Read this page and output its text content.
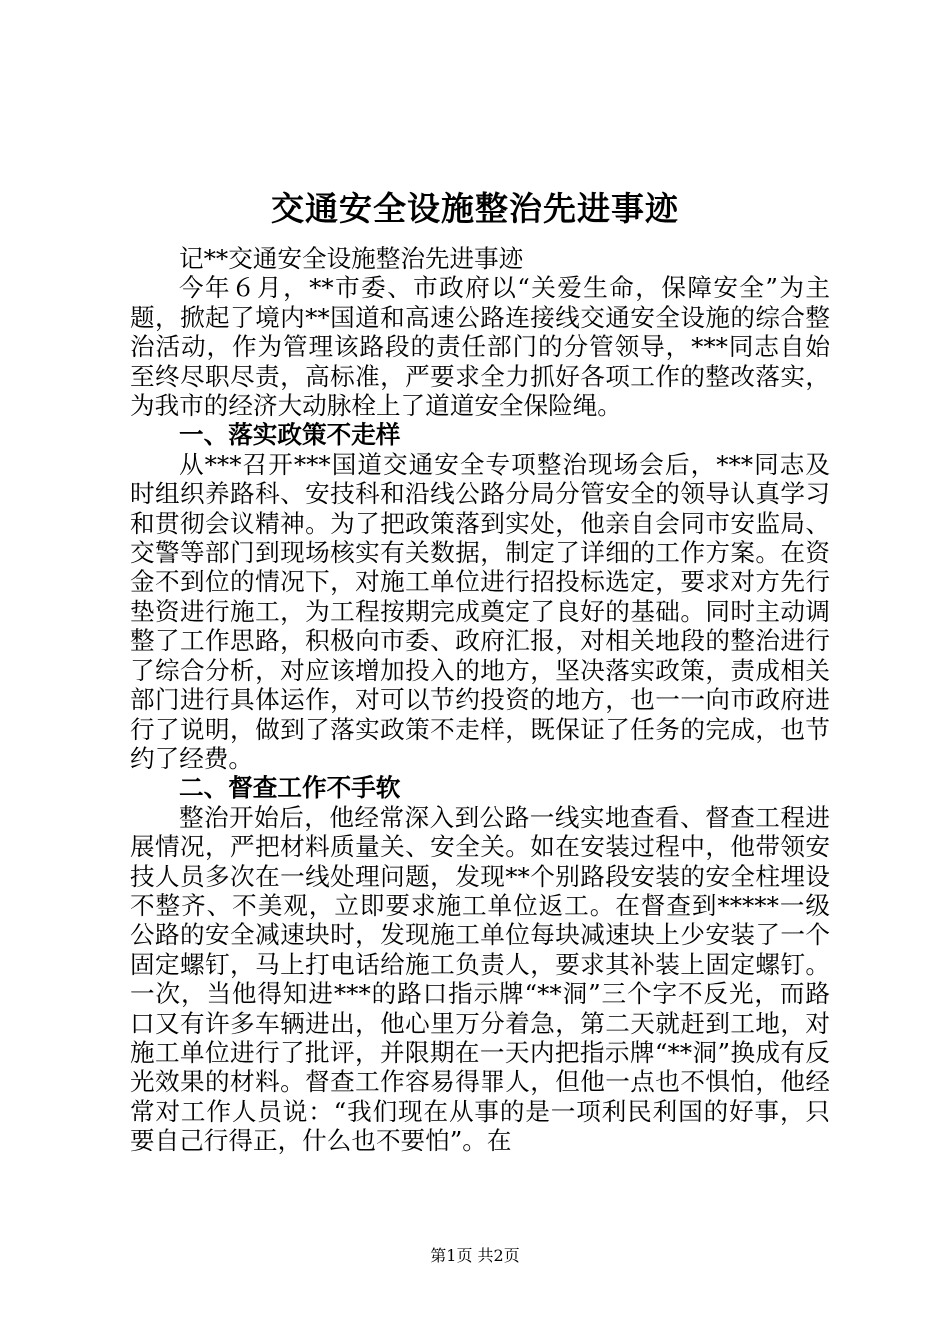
交通安全设施整治先进事迹

记**交通安全设施整治先进事迹

今年６月，**市委、市政府以“关爱生命，保障安全”为主题，掀起了境内**国道和高速公路连接线交通安全设施的综合整治活动，作为管理该路段的责任部门的分管领导，***同志自始至终尽职尽责，高标准，严要求全力抓好各项工作的整改落实，为我市的经济大动脉栓上了道道安全保险绳。

一、落实政策不走样

从***召开***国道交通安全专项整治现场会后，***同志及时组织养路科、安技科和沿线公路分局分管安全的领导认真学习和贯彻会议精神。为了把政策落到实处，他亲自会同市安监局、交警等部门到现场核实有关数据，制定了详细的工作方案。在资金不到位的情况下，对施工单位进行招投标选定，要求对方先行垫资进行施工，为工程按期完成奠定了良好的基础。同时主动调整了工作思路，积极向市委、政府汇报，对相关地段的整治进行了综合分析，对应该增加投入的地方，坚决落实政策，责成相关部门进行具体运作，对可以节约投资的地方，也一一向市政府进行了说明，做到了落实政策不走样，既保证了任务的完成，也节约了经费。

二、督查工作不手软

整治开始后，他经常深入到公路一线实地查看、督查工程进展情况，严把材料质量关、安全关。如在安装过程中，他带领安技人员多次在一线处理问题，发现**个别路段安装的安全柱埋设不整齐、不美观，立即要求施工单位返工。在督查到*****一级公路的安全减速块时，发现施工单位每块减速块上少安装了一个固定螺钉，马上打电话给施工负责人，要求其补装上固定螺钉。一次，当他得知进***的路口指示牌“**洞”三个字不反光，而路口又有许多车辆进出，他心里万分着急，第二天就赶到工地，对施工单位进行了批评，并限期在一天内把指示牌“**洞”换成有反光效果的材料。督查工作容易得罪人，但他一点也不惧怕，他经常对工作人员说：“我们现在从事的是一项利民利国的好事，只要自己行得正，什么也不要怕”。在

第1页 共2页
